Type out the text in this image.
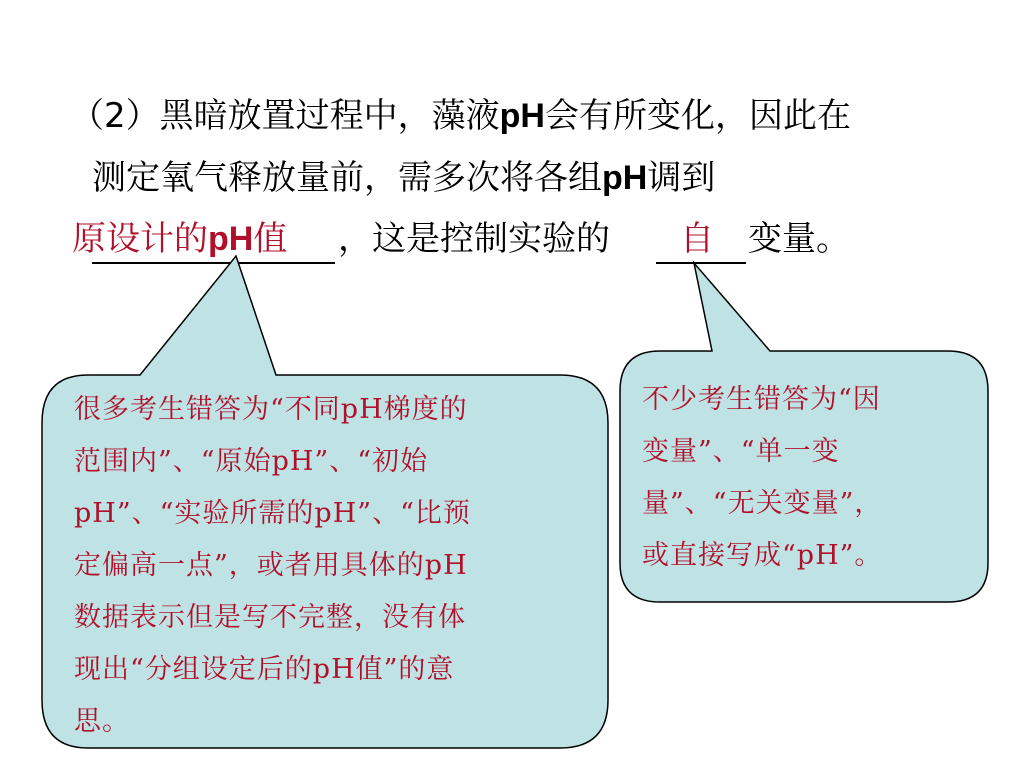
（2）黑暗放置过程中，藻液pH会有所变化，因此在
测定氧气释放量前，需多次将各组pH调到
原设计的pH值 ，这是控制实验的 自 变量。
很多考生错答为“不同pH梯度的
范围内”、“原始pH”、“初始
pH”、“实验所需的pH”、“比预
定偏高一点”，或者用具体的pH
数据表示但是写不完整，没有体
现出“分组设定后的pH值”的意
思。
不少考生错答为“因
变量”、“单一变
量”、“无关变量”，
或直接写成“pH”。
